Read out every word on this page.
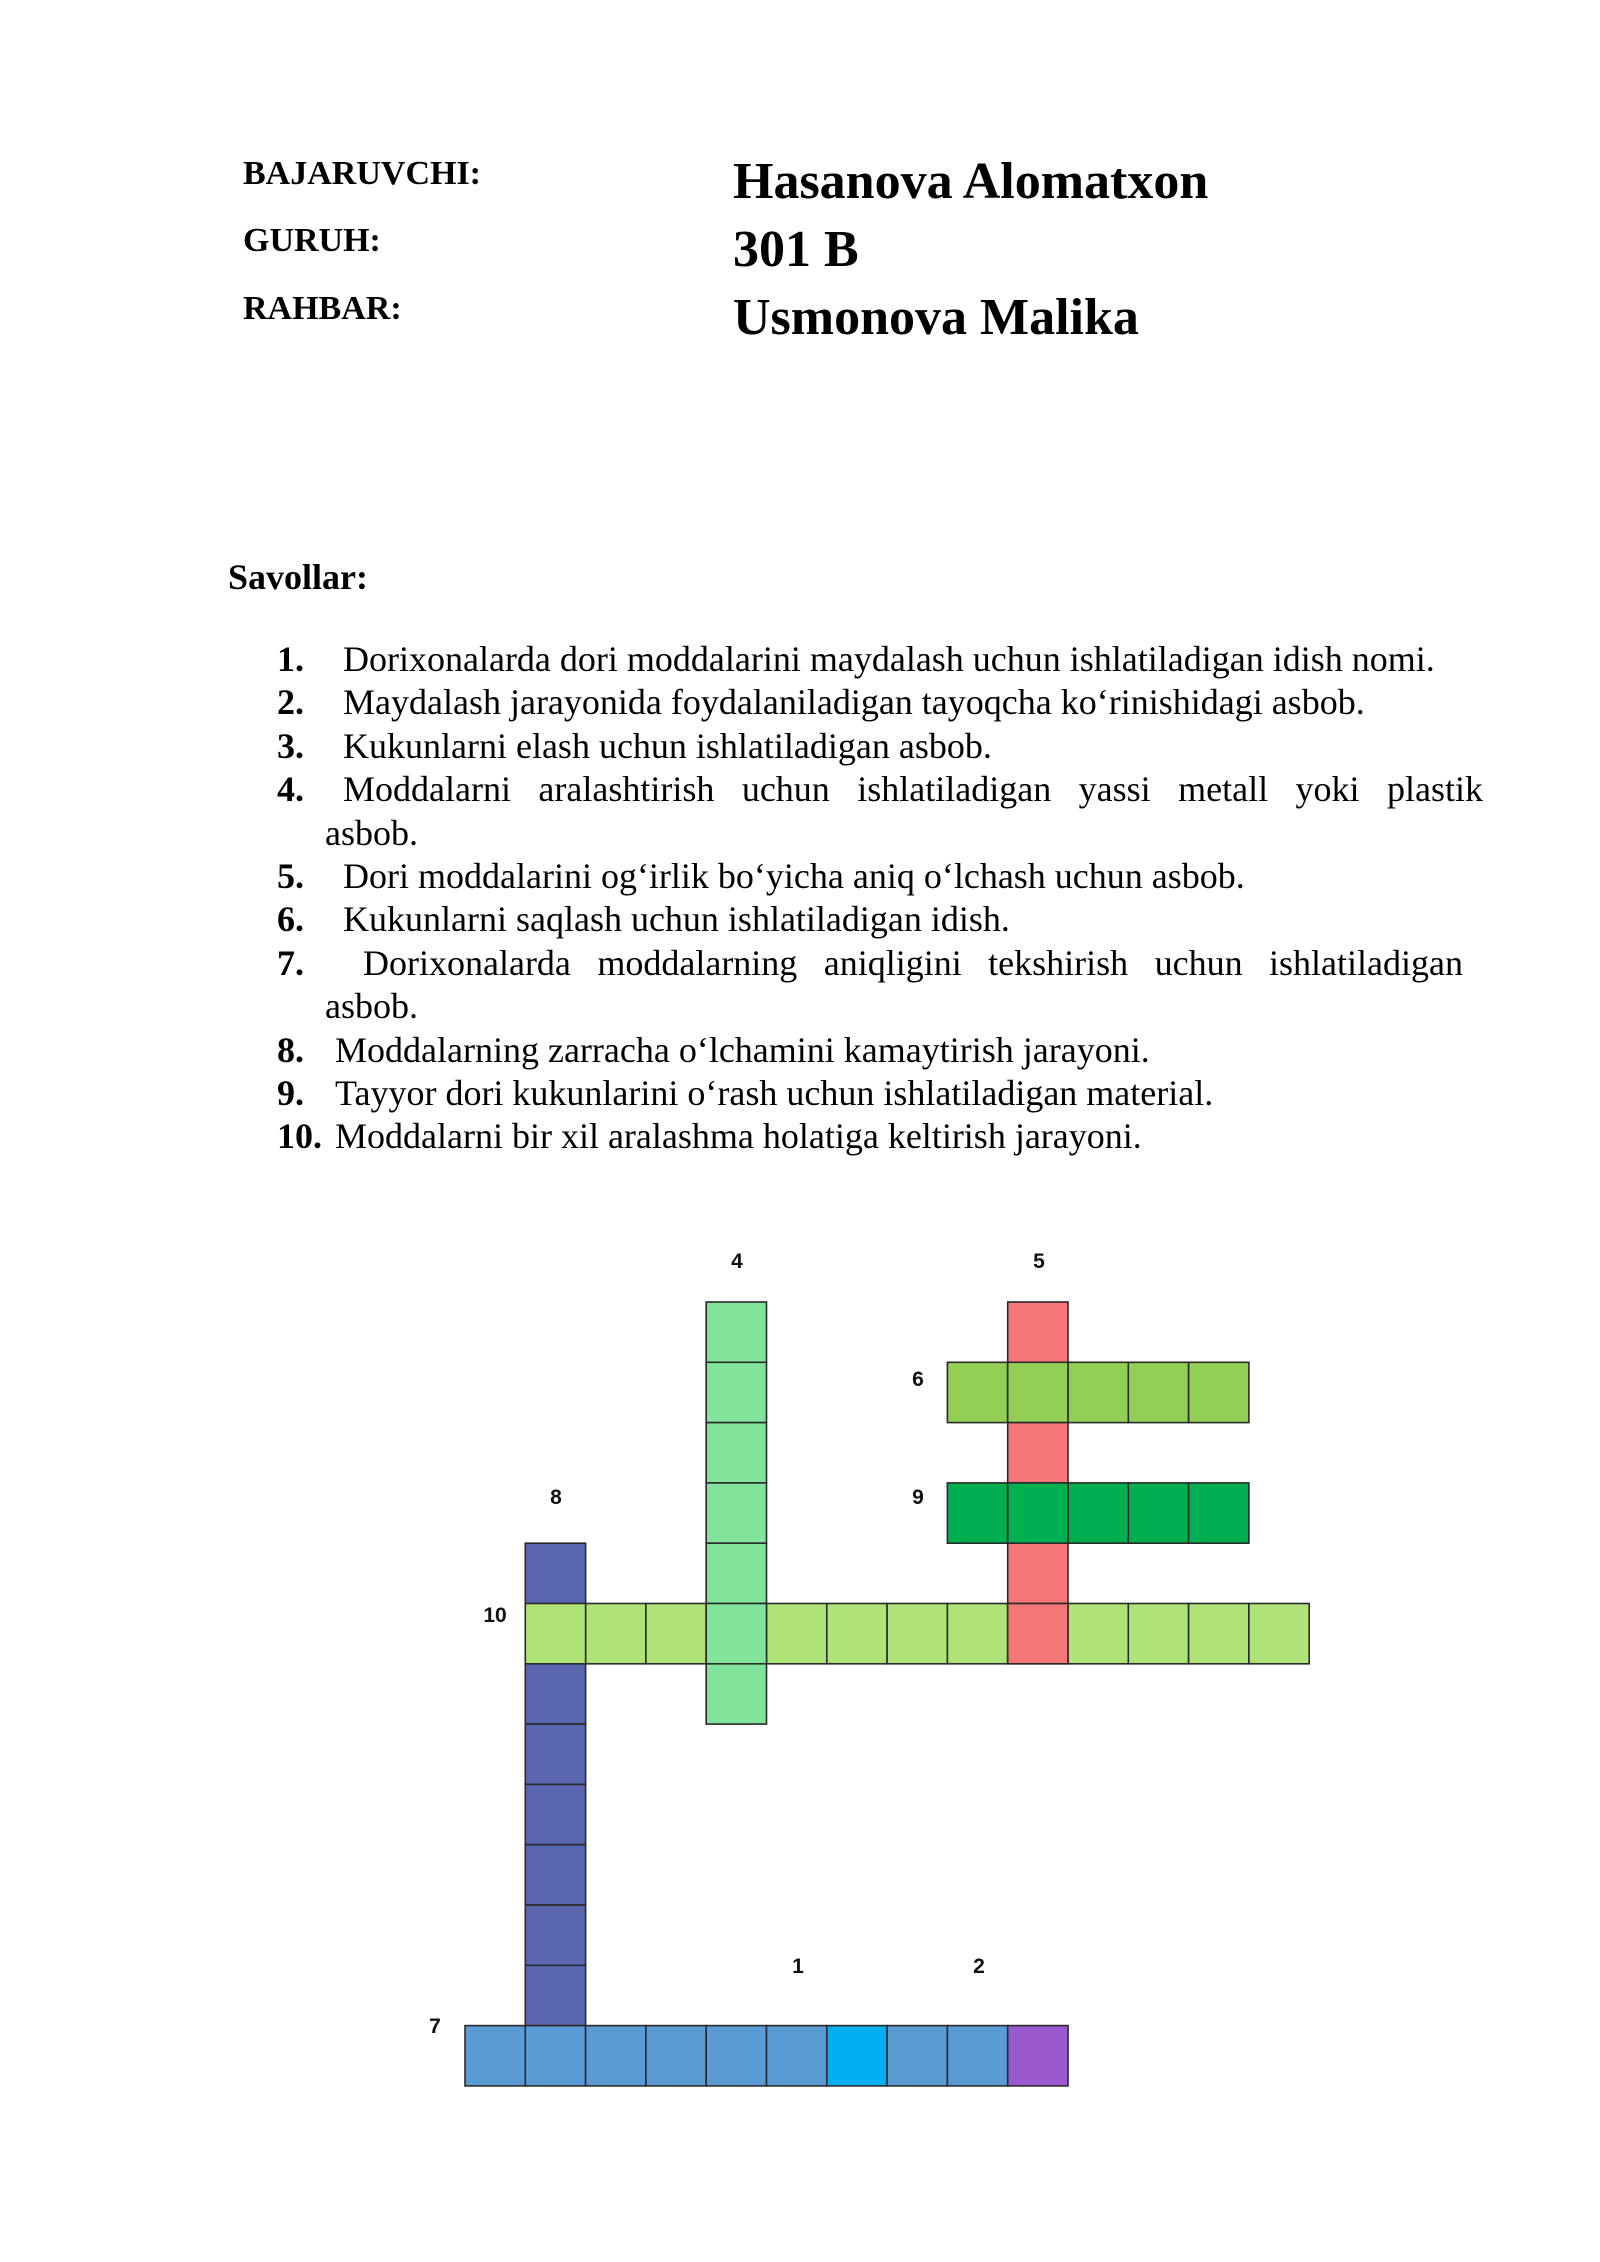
BAJARUVCHI:	Hasanova Alomatxon
GURUH:	301 B
RAHBAR:	Usmonova Malika
Savollar:
1. Dorixonalarda dori moddalarini maydalash uchun ishlatiladigan idish nomi.
2. Maydalash jarayonida foydalaniladigan tayoqcha ko‘rinishidagi asbob.
3. Kukunlarni elash uchun ishlatiladigan asbob.
4. Moddalarni aralashtirish uchun ishlatiladigan yassi metall yoki plastik
asbob.
5. Dori moddalarini og‘irlik bo‘yicha aniq o‘lchash uchun asbob.
6. Kukunlarni saqlash uchun ishlatiladigan idish.
7. Dorixonalarda moddalarning aniqligini tekshirish uchun ishlatiladigan
asbob.
8. Moddalarning zarracha o‘lchamini kamaytirish jarayoni.
9. Tayyor dori kukunlarini o‘rash uchun ishlatiladigan material.
10. Moddalarni bir xil aralashma holatiga keltirish jarayoni.
4	5
6
8	9
10
1	2
7
